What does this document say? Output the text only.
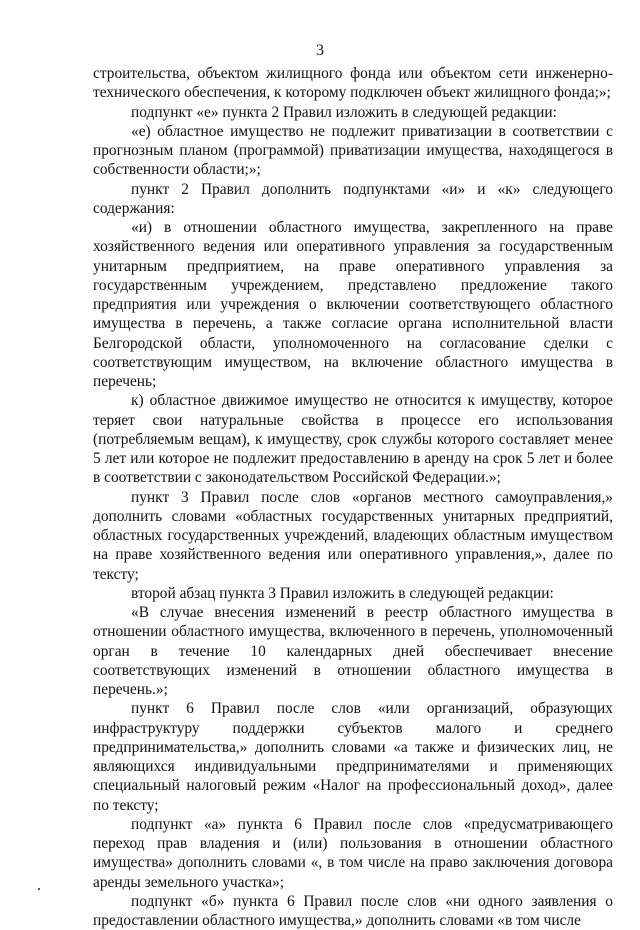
3

строительства, объектом жилищного фонда или объектом сети инженерно-технического обеспечения, к которому подключен объект жилищного фонда;»;

подпункт «е» пункта 2 Правил изложить в следующей редакции:

«е) областное имущество не подлежит приватизации в соответствии с прогнозным планом (программой) приватизации имущества, находящегося в собственности области;»;

пункт 2 Правил дополнить подпунктами «и» и «к» следующего содержания:

«и) в отношении областного имущества, закрепленного на праве хозяйственного ведения или оперативного управления за государственным унитарным предприятием, на праве оперативного управления за государственным учреждением, представлено предложение такого предприятия или учреждения о включении соответствующего областного имущества в перечень, а также согласие органа исполнительной власти Белгородской области, уполномоченного на согласование сделки с соответствующим имуществом, на включение областного имущества в перечень;

к) областное движимое имущество не относится к имуществу, которое теряет свои натуральные свойства в процессе его использования (потребляемым вещам), к имуществу, срок службы которого составляет менее 5 лет или которое не подлежит предоставлению в аренду на срок 5 лет и более в соответствии с законодательством Российской Федерации.»;

пункт 3 Правил после слов «органов местного самоуправления,» дополнить словами «областных государственных унитарных предприятий, областных государственных учреждений, владеющих областным имуществом на праве хозяйственного ведения или оперативного управления,», далее по тексту;

второй абзац пункта 3 Правил изложить в следующей редакции:

«В случае внесения изменений в реестр областного имущества в отношении областного имущества, включенного в перечень, уполномоченный орган в течение 10 календарных дней обеспечивает внесение соответствующих изменений в отношении областного имущества в перечень.»;

пункт 6 Правил после слов «или организаций, образующих инфраструктуру поддержки субъектов малого и среднего предпринимательства,» дополнить словами «а также и физических лиц, не являющихся индивидуальными предпринимателями и применяющих специальный налоговый режим «Налог на профессиональный доход», далее по тексту;

подпункт «а» пункта 6 Правил после слов «предусматривающего переход прав владения и (или) пользования в отношении областного имущества» дополнить словами «, в том числе на право заключения договора аренды земельного участка»;

подпункт «б» пункта 6 Правил после слов «ни одного заявления о предоставлении областного имущества,» дополнить словами «в том числе
